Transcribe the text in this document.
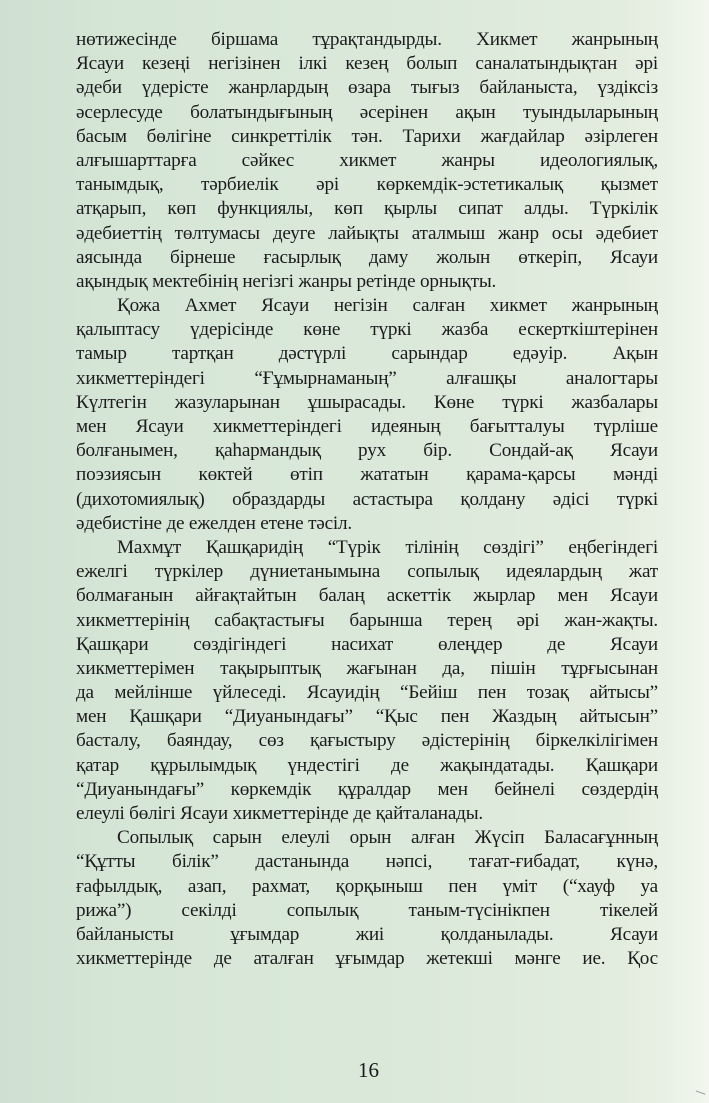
нөтижесінде біршама тұрақтандырды. Хикмет жанрының
Ясауи кезеңі негізінен ілкі кезең болып саналатындықтан әрі
әдеби үдерісте жанрлардың өзара тығыз байланыста, үздіксіз
әсерлесуде болатындығының әсерінен ақын туындыларының
басым бөлігіне синкреттілік тән. Тарихи жағдайлар әзірлеген
алғышарттарға сәйкес хикмет жанры идеологиялық,
танымдық, тәрбиелік әрі көркемдік-эстетикалық қызмет
атқарып, көп функциялы, көп қырлы сипат алды. Түркілік
әдебиеттің төлтумасы деуге лайықты аталмыш жанр осы әдебиет
аясында бірнеше ғасырлық даму жолын өткеріп, Ясауи
ақындық мектебінің негізгі жанры ретінде орнықты.
Қожа Ахмет Ясауи негізін салған хикмет жанрының
қалыптасу үдерісінде көне түркі жазба ескерткіштерінен
тамыр тартқан дәстүрлі сарындар едәуір. Ақын
хикметтеріндегі “Ғұмырнаманың” алғашқы аналогтары
Күлтегін жазуларынан ұшырасады. Көне түркі жазбалары
мен Ясауи хикметтеріндегі идеяның бағытталуы түрліше
болғанымен, қаһармандық рух бір. Сондай-ақ Ясауи
поэзиясын көктей өтіп жататын қарама-қарсы мәнді
(дихотомиялық) образдарды астастыра қолдану әдісі түркі
әдебистіне де ежелден етене тәсіл.
Махмұт Қашқаридің “Түрік тілінің сөздігі” еңбегіндегі
ежелгі түркілер дүниетанымына сопылық идеялардың жат
болмағанын айғақтайтын балаң аскеттік жырлар мен Ясауи
хикметтерінің сабақтастығы барынша терең әрі жан-жақты.
Қашқари сөздігіндегі насихат өлеңдер де Ясауи
хикметтерімен тақырыптық жағынан да, пішін тұрғысынан
да мейлінше үйлеседі. Ясауидің “Бейіш пен тозақ айтысы”
мен Қашқари “Диуанындағы” “Қыс пен Жаздың айтысын”
басталу, баяндау, сөз қағыстыру әдістерінің біркелкілігімен
қатар құрылымдық үндестігі де жақындатады. Қашқари
“Диуанындағы” көркемдік құралдар мен бейнелі сөздердің
елеулі бөлігі Ясауи хикметтерінде де қайталанады.
Сопылық сарын елеулі орын алған Жүсіп Баласағұнның
“Құтты білік” дастанында нәпсі, тағат-ғибадат, күнә,
ғафылдық, азап, рахмат, қорқыныш пен үміт (“хауф уа
рижа”) секілді сопылық таным-түсінікпен тікелей
байланысты ұғымдар жиі қолданылады. Ясауи
хикметтерінде де аталған ұғымдар жетекші мәнге ие. Қос
16
